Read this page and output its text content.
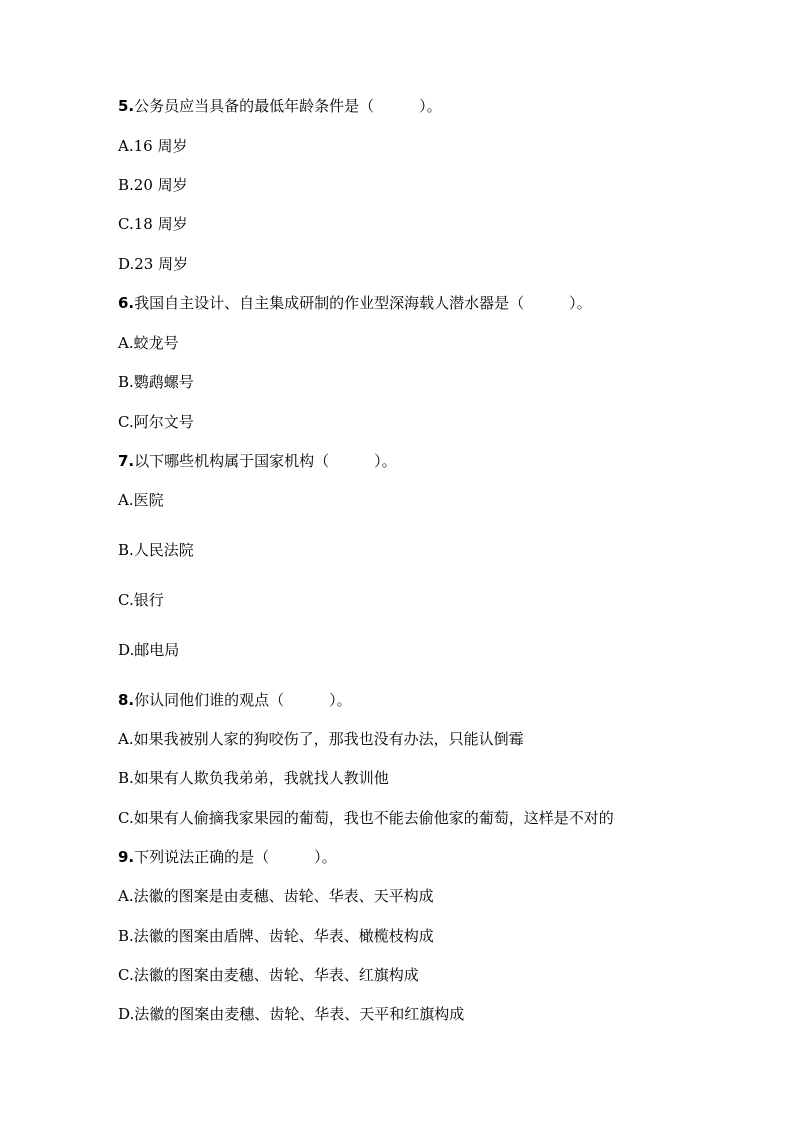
5.公务员应当具备的最低年龄条件是（　　　）。
A.16 周岁
B.20 周岁
C.18 周岁
D.23 周岁
6.我国自主设计、自主集成研制的作业型深海载人潜水器是（　　　）。
A.蛟龙号
B.鹦鹉螺号
C.阿尔文号
7.以下哪些机构属于国家机构（　　　）。
A.医院
B.人民法院
C.银行
D.邮电局
8.你认同他们谁的观点（　　　）。
A.如果我被别人家的狗咬伤了，那我也没有办法，只能认倒霉
B.如果有人欺负我弟弟，我就找人教训他
C.如果有人偷摘我家果园的葡萄，我也不能去偷他家的葡萄，这样是不对的
9.下列说法正确的是（　　　）。
A.法徽的图案是由麦穗、齿轮、华表、天平构成
B.法徽的图案由盾牌、齿轮、华表、橄榄枝构成
C.法徽的图案由麦穗、齿轮、华表、红旗构成
D.法徽的图案由麦穗、齿轮、华表、天平和红旗构成
